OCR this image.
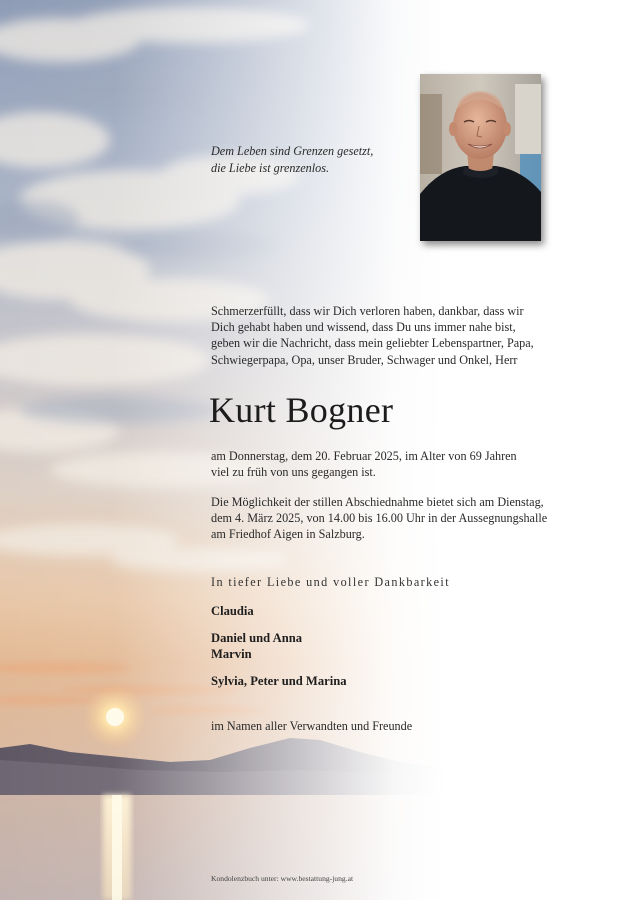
Dem Leben sind Grenzen gesetzt,
die Liebe ist grenzenlos.
Schmerzerfüllt, dass wir Dich verloren haben, dankbar, dass wir
Dich gehabt haben und wissend, dass Du uns immer nahe bist,
geben wir die Nachricht, dass mein geliebter Lebenspartner, Papa,
Schwiegerpapa, Opa, unser Bruder, Schwager und Onkel, Herr
Kurt Bogner
am Donnerstag, dem 20. Februar 2025, im Alter von 69 Jahren
viel zu früh von uns gegangen ist.
Die Möglichkeit der stillen Abschiednahme bietet sich am Dienstag,
dem 4. März 2025, von 14.00 bis 16.00 Uhr in der Aussegnungshalle
am Friedhof Aigen in Salzburg.
In tiefer Liebe und voller Dankbarkeit
Claudia
Daniel und Anna
Marvin
Sylvia, Peter und Marina
im Namen aller Verwandten und Freunde
Kondolenzbuch unter: www.bestattung-jung.at
